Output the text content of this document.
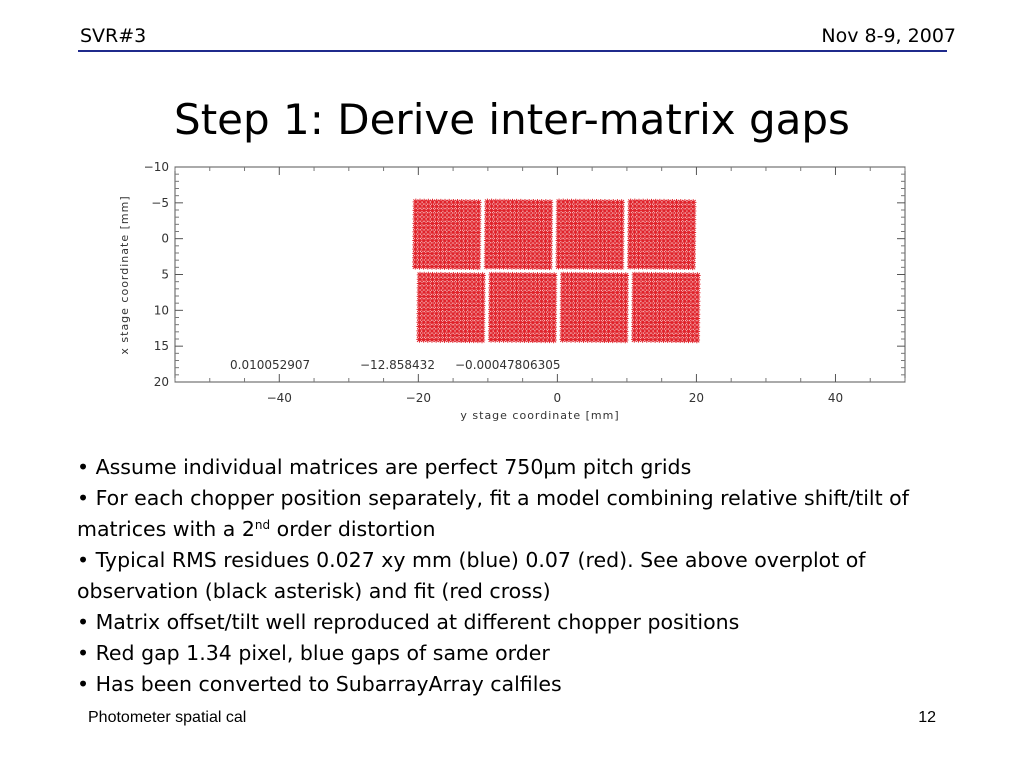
SVR#3	Nov 8-9, 2007
Step 1: Derive inter-matrix gaps
−40	−20	0	20	40
−10
−5
0
5
10
15
20
0.010052907	−12.858432 −0.00047806305
y stage coordinate [mm]
x stage coordinate [mm]
• Assume individual matrices are perfect 750µm pitch grids
• For each chopper position separately, fit a model combining relative shift/tilt of matrices with a 2nd order distortion
• Typical RMS residues 0.027 xy mm (blue) 0.07 (red). See above overplot of observation (black asterisk) and fit (red cross)
• Matrix offset/tilt well reproduced at different chopper positions
• Red gap 1.34 pixel, blue gaps of same order
• Has been converted to SubarrayArray calfiles
Photometer spatial cal	12
